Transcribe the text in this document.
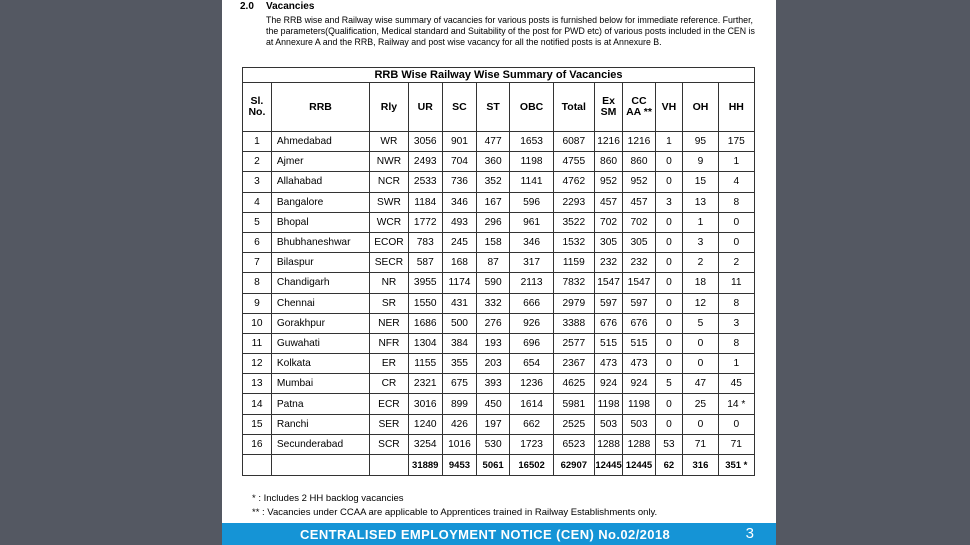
2.0 Vacancies
The RRB wise and Railway wise summary of vacancies for various posts is furnished below for immediate reference. Further, the parameters(Qualification, Medical standard and Suitability of the post for PWD etc) of various posts included in the CEN is at Annexure A and the RRB, Railway and post wise vacancy for all the notified posts is at Annexure B.
RRB Wise Railway Wise Summary of Vacancies
Sl. No.	RRB	Rly	UR	SC	ST	OBC	Total	Ex SM	CC AA **	VH	OH	HH
1	Ahmedabad	WR	3056	901	477	1653	6087	1216	1216	1	95	175
2	Ajmer	NWR	2493	704	360	1198	4755	860	860	0	9	1
3	Allahabad	NCR	2533	736	352	1141	4762	952	952	0	15	4
4	Bangalore	SWR	1184	346	167	596	2293	457	457	3	13	8
5	Bhopal	WCR	1772	493	296	961	3522	702	702	0	1	0
6	Bhubhaneshwar	ECOR	783	245	158	346	1532	305	305	0	3	0
7	Bilaspur	SECR	587	168	87	317	1159	232	232	0	2	2
8	Chandigarh	NR	3955	1174	590	2113	7832	1547	1547	0	18	11
9	Chennai	SR	1550	431	332	666	2979	597	597	0	12	8
10	Gorakhpur	NER	1686	500	276	926	3388	676	676	0	5	3
11	Guwahati	NFR	1304	384	193	696	2577	515	515	0	0	8
12	Kolkata	ER	1155	355	203	654	2367	473	473	0	0	1
13	Mumbai	CR	2321	675	393	1236	4625	924	924	5	47	45
14	Patna	ECR	3016	899	450	1614	5981	1198	1198	0	25	14 *
15	Ranchi	SER	1240	426	197	662	2525	503	503	0	0	0
16	Secunderabad	SCR	3254	1016	530	1723	6523	1288	1288	53	71	71
			31889	9453	5061	16502	62907	12445	12445	62	316	351 *
* : Includes 2 HH backlog vacancies
** : Vacancies under CCAA are applicable to Apprentices trained in Railway Establishments only.
CENTRALISED EMPLOYMENT NOTICE (CEN) No.02/2018	3
